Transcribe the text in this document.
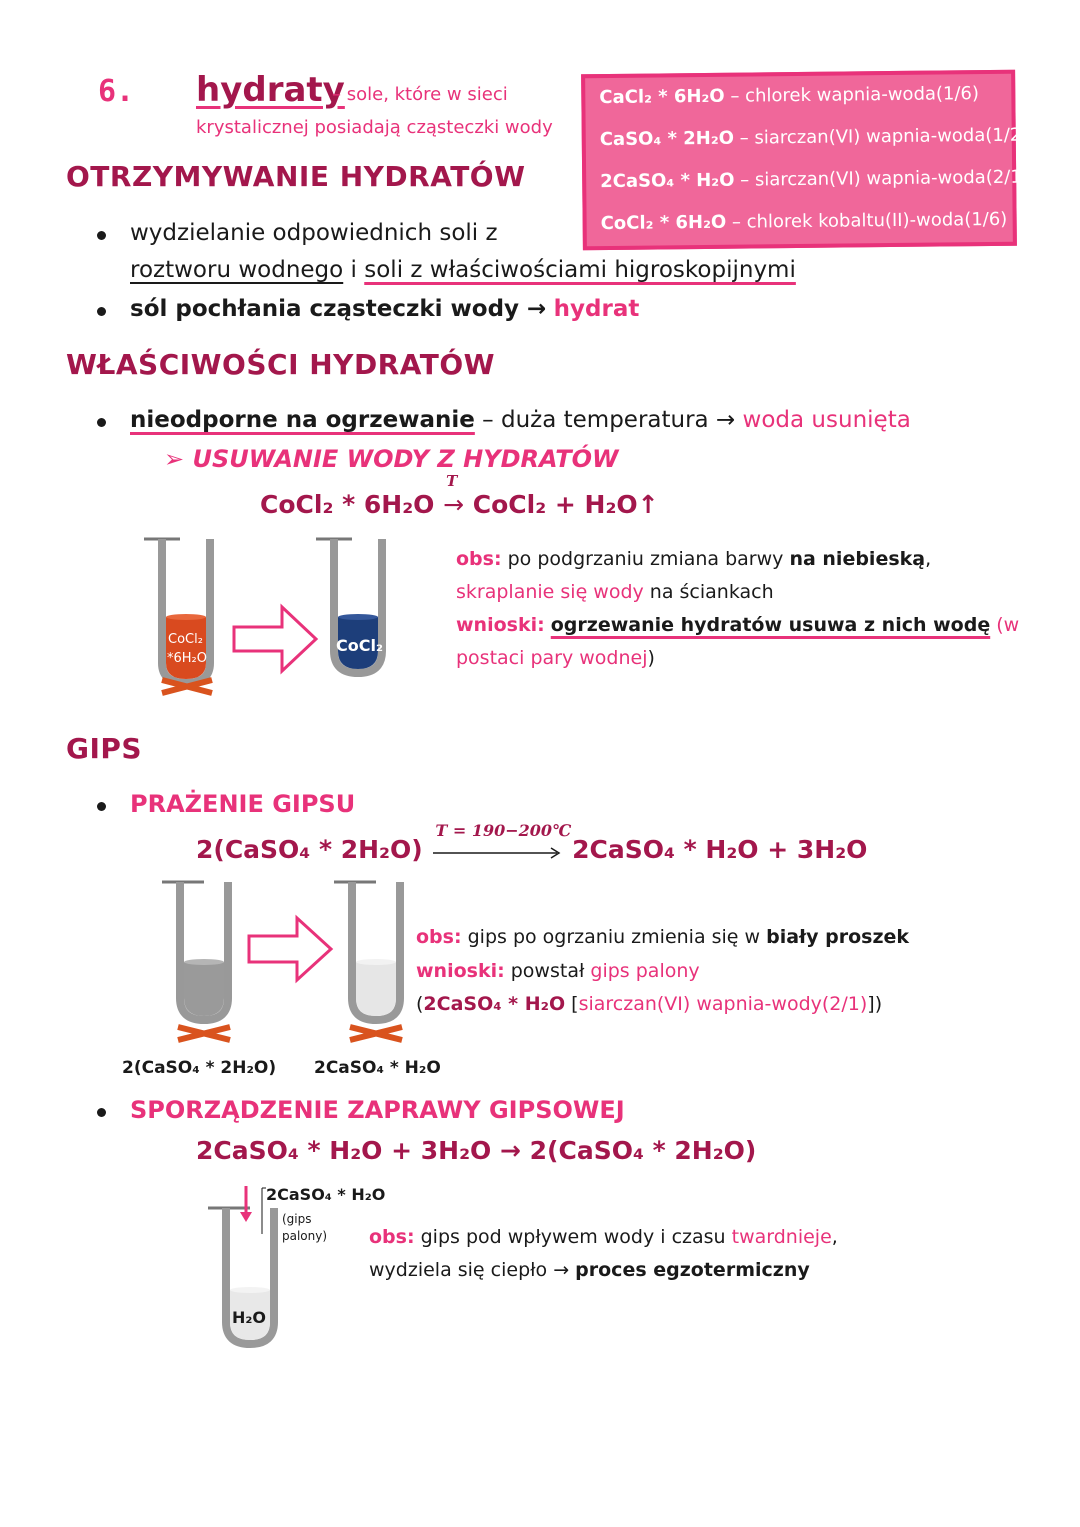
6. hydraty
– sole, które w sieci
krystalicznej posiadają cząsteczki wody
CaCl₂ * 6H₂O – chlorek wapnia-woda(1/6)
CaSO₄ * 2H₂O – siarczan(VI) wapnia-woda(1/2)
2CaSO₄ * H₂O – siarczan(VI) wapnia-woda(2/1)
CoCl₂ * 6H₂O – chlorek kobaltu(II)-woda(1/6)
OTRZYMYWANIE HYDRATÓW
wydzielanie odpowiednich soli z
roztworu wodnego i soli z właściwościami higroskopijnymi
sól pochłania cząsteczki wody → hydrat
WŁAŚCIWOŚCI HYDRATÓW
nieodporne na ogrzewanie – duża temperatura → woda usunięta
➢ USUWANIE WODY Z HYDRATÓW
CoCl₂ * 6H₂O
T
→ CoCl₂ + H₂O↑
CoCl₂
*6H₂O
CoCl₂
obs: po podgrzaniu zmiana barwy na niebieską,
skraplanie się wody na ściankach
wnioski: ogrzewanie hydratów usuwa z nich wodę (w
postaci pary wodnej)
GIPS
PRAŻENIE GIPSU
2(CaSO₄ * 2H₂O)
T = 190−200℃
2CaSO₄ * H₂O + 3H₂O
2(CaSO₄ * 2H₂O) 2CaSO₄ * H₂O
obs: gips po ogrzaniu zmienia się w biały proszek
wnioski: powstał gips palony
(2CaSO₄ * H₂O [siarczan(VI) wapnia-wody(2/1)])
SPORZĄDZENIE ZAPRAWY GIPSOWEJ
2CaSO₄ * H₂O + 3H₂O → 2(CaSO₄ * 2H₂O)
2CaSO₄ * H₂O
(gips
palony)
H₂O
obs: gips pod wpływem wody i czasu twardnieje,
wydziela się ciepło → proces egzotermiczny
